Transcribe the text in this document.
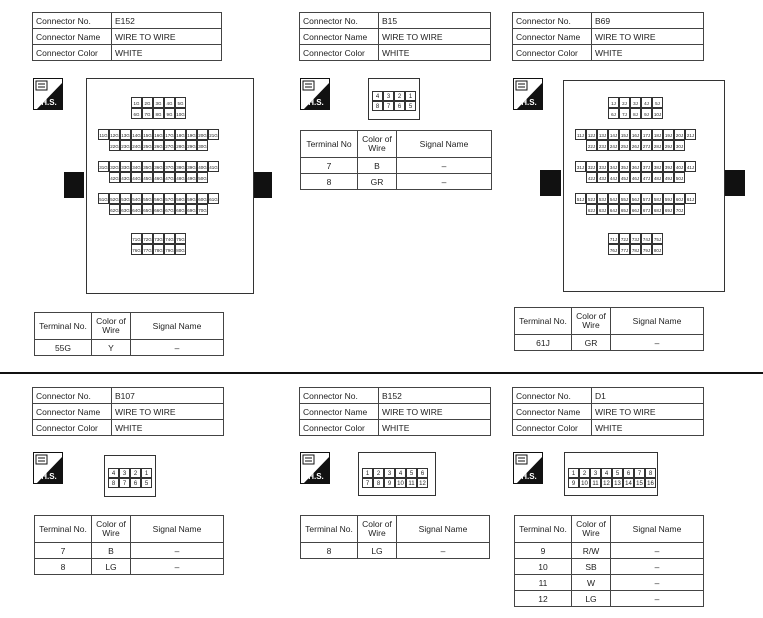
Connector No.	E152
Connector Name	WIRE TO WIRE
Connector Color	WHITE
H.S.	1G	2G	3G	4G	5G
6G	7G	8G	9G 10G
11G 12G 13G 14G 15G 16G 17G 18G 19G 20G 21G
22G 23G 24G 25G 26G 27G 28G 29G 30G
31G 32G 33G 34G 35G 36G 37G 38G 39G 40G 41G
42G 43G 44G 45G 46G 47G 48G 49G 50G
51G 52G 53G 54G 55G 56G 57G 58G 59G 60G 61G
62G 63G 64G 65G 66G 67G 68G 69G 70G
71G 72G 73G 74G 75G
76G 77G 78G 79G 80G
Terminal No.	Color of Wire	Signal Name
55G	Y	–
Connector No.	B15
Connector Name	WIRE TO WIRE
Connector Color	WHITE
H.S.
4	3	2	1
8	7	6	5
Terminal No	Color of Wire	Signal Name
7	B	–
8	GR	–
Connector No.	B69
Connector Name	WIRE TO WIRE
Connector Color	WHITE
H.S.	1J	2J	3J	4J	5J
6J	7J	8J	9J	10J
11J 12J 13J 14J 15J 16J 17J 18J 19J 20J 21J
22J 23J 24J 25J 26J 27J 28J 29J 30J
31J 32J 33J 34J 35J 36J 37J 38J 39J 40J 41J
42J 43J 44J 45J 46J 47J 48J 49J 50J
51J 52J 53J 54J 55J 56J 57J 58J 59J 60J 61J
62J 63J 64J 65J 66J 67J 68J 69J 70J
71J 72J 73J 74J 75J
76J 77J 78J 79J 80J
Terminal No.	Color of Wire	Signal Name
61J	GR	–
Connector No.	B107
Connector Name	WIRE TO WIRE
Connector Color	WHITE
H.S.	4	3	2	1
8	7	6	5
Terminal No.	Color of Wire	Signal Name
7	B	–
8	LG	–
Connector No.	B152
Connector Name	WIRE TO WIRE
Connector Color	WHITE
H.S.	1	2	3	4	5	6
7	8	9 10 11 12
Terminal No.	Color of Wire	Signal Name
8	LG	–
Connector No.	D1
Connector Name	WIRE TO WIRE
Connector Color	WHITE
H.S.	1	2	3	4	5	6	7	8
9 10 11 12 13 14 15 16
Terminal No.	Color of Wire	Signal Name
9	R/W	–
10	SB	–
11	W	–
12	LG	–
